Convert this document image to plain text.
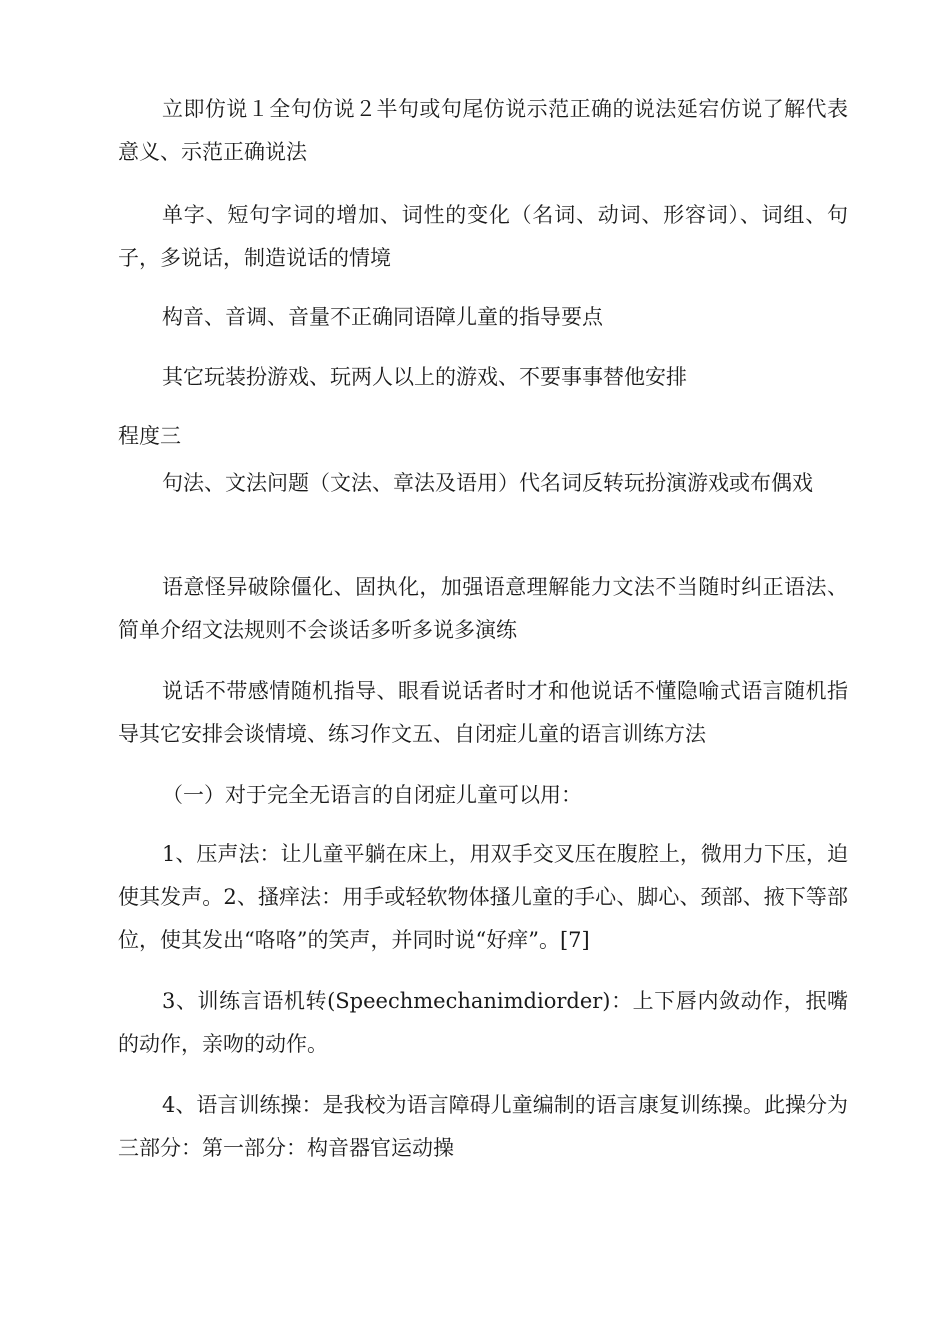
立即仿说１全句仿说２半句或句尾仿说示范正确的说法延宕仿说了解代表意义、示范正确说法

单字、短句字词的增加、词性的变化（名词、动词、形容词）、词组、句子，多说话，制造说话的情境

构音、音调、音量不正确同语障儿童的指导要点

其它玩装扮游戏、玩两人以上的游戏、不要事事替他安排

程度三

句法、文法问题（文法、章法及语用）代名词反转玩扮演游戏或布偶戏

语意怪异破除僵化、固执化，加强语意理解能力文法不当随时纠正语法、简单介绍文法规则不会谈话多听多说多演练

说话不带感情随机指导、眼看说话者时才和他说话不懂隐喻式语言随机指导其它安排会谈情境、练习作文五、自闭症儿童的语言训练方法

（一）对于完全无语言的自闭症儿童可以用：

1、压声法：让儿童平躺在床上，用双手交叉压在腹腔上，微用力下压，迫使其发声。2、搔痒法：用手或轻软物体搔儿童的手心、脚心、颈部、掖下等部位，使其发出“咯咯”的笑声，并同时说“好痒”。[7]

3、训练言语机转(Speechmechanimdiorder)：上下唇内敛动作，抿嘴的动作，亲吻的动作。

4、语言训练操：是我校为语言障碍儿童编制的语言康复训练操。此操分为三部分：第一部分：构音器官运动操
